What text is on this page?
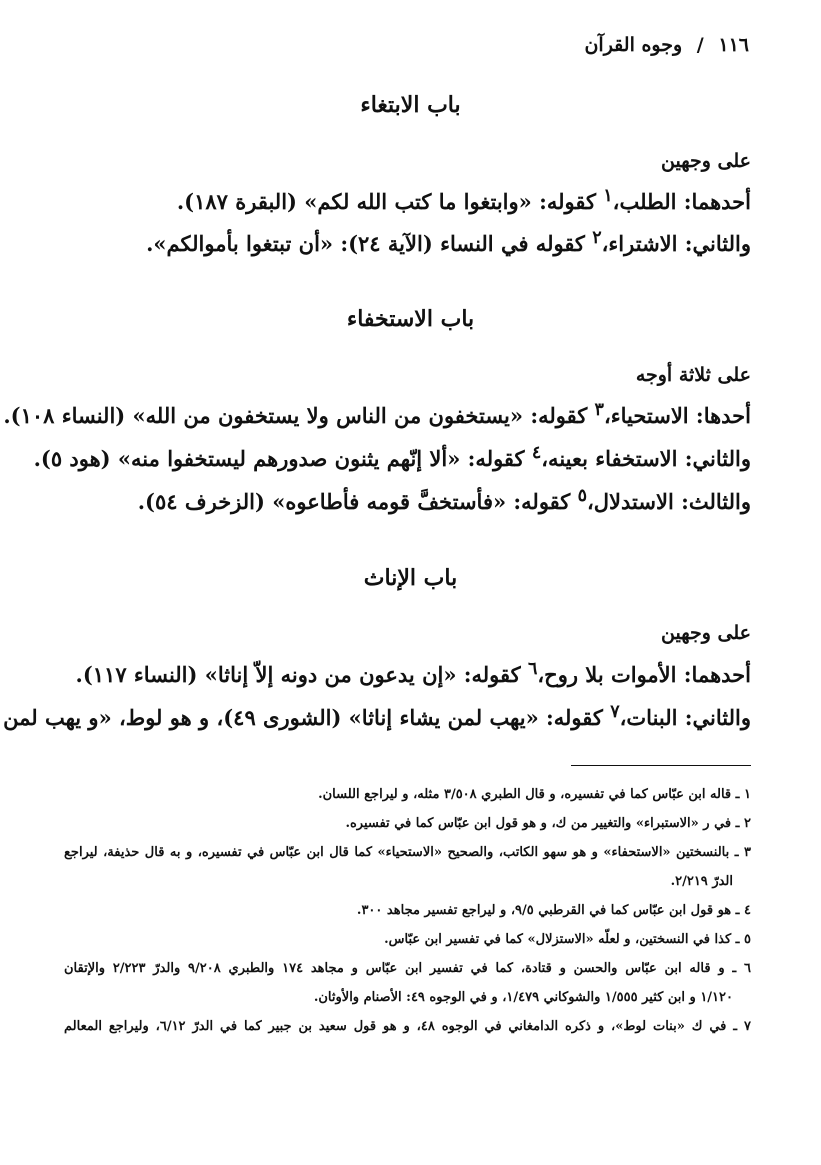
١١٦ / وجوه القرآن
باب الابتغاء
على وجهين
أحدهما: الطلب،$^١$ كقوله: «وابتغوا ما كتب الله لكم» (البقرة ١٨٧).
والثاني: الاشتراء،$^٢$ كقوله في النساء (الآية ٢٤): «أن تبتغوا بأموالكم».
باب الاستخفاء
على ثلاثة أوجه
أحدها: الاستحياء،$^٣$ كقوله: «يستخفون من الناس ولا يستخفون من الله» (النساء ١٠٨).
والثاني: الاستخفاء بعينه،$^٤$ كقوله: «ألا إنّهم يثنون صدورهم ليستخفوا منه» (هود ٥).
والثالث: الاستدلال،$^٥$ كقوله: «فأستخفَّ قومه فأطاعوه» (الزخرف ٥٤).
باب الإناث
على وجهين
أحدهما: الأموات بلا روح،$^٦$ كقوله: «إن يدعون من دونه إلاّ إناثا» (النساء ١١٧).
والثاني: البنات،$^٧$ كقوله: «يهب لمن يشاء إناثا» (الشورى ٤٩)، و هو لوط، «و يهب لمن
١ ـ قاله ابن عبّاس كما في تفسيره، و قال الطبري ٣/٥٠٨ مثله، و ليراجع اللسان.
٢ ـ في ر «الاستبراء» والتغيير من ك، و هو قول ابن عبّاس كما في تفسيره.
٣ ـ بالنسختين «الاستحفاء» و هو سهو الكاتب، والصحيح «الاستحياء» كما قال ابن عبّاس في تفسيره، و به قال حذيفة، ليراجع
الدرّ ٢/٢١٩.
٤ ـ هو قول ابن عبّاس كما في القرطبي ٩/٥، و ليراجع تفسير مجاهد ٣٠٠.
٥ ـ كذا في النسختين، و لعلّه «الاستزلال» كما في تفسير ابن عبّاس.
٦ ـ و قاله ابن عبّاس والحسن و قتادة، كما في تفسير ابن عبّاس و مجاهد ١٧٤ والطبري ٩/٢٠٨ والدرّ ٢/٢٢٣ والإتقان
١/١٢٠ و ابن كثير ١/٥٥٥ والشوكاني ١/٤٧٩، و في الوجوه ٤٩: الأصنام والأوثان.
٧ ـ في ك «بنات لوط»، و ذكره الدامغاني في الوجوه ٤٨، و هو قول سعيد بن جبير كما في الدرّ ٦/١٢، وليراجع المعالم
